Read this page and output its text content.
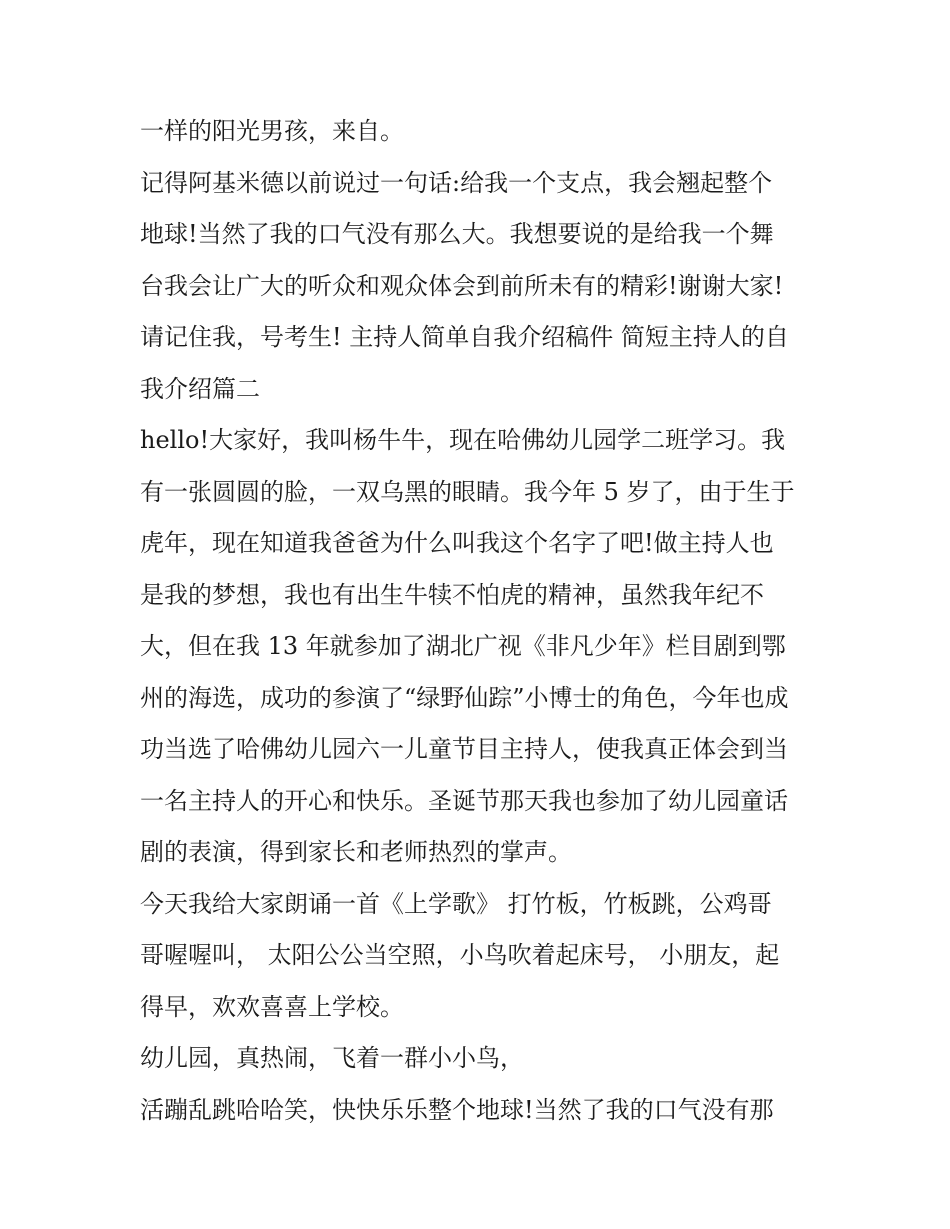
一样的阳光男孩，来自。
记得阿基米德以前说过一句话:给我一个支点，我会翘起整个
地球!当然了我的口气没有那么大。我想要说的是给我一个舞
台我会让广大的听众和观众体会到前所未有的精彩!谢谢大家!
请记住我，号考生! 主持人简单自我介绍稿件 简短主持人的自
我介绍篇二
hello!大家好，我叫杨牛牛，现在哈佛幼儿园学二班学习。我
有一张圆圆的脸，一双乌黑的眼睛。我今年 5 岁了，由于生于
虎年，现在知道我爸爸为什么叫我这个名字了吧!做主持人也
是我的梦想，我也有出生牛犊不怕虎的精神，虽然我年纪不
大，但在我 13 年就参加了湖北广视《非凡少年》栏目剧到鄂
州的海选，成功的参演了“绿野仙踪”小博士的角色，今年也成
功当选了哈佛幼儿园六一儿童节目主持人，使我真正体会到当
一名主持人的开心和快乐。圣诞节那天我也参加了幼儿园童话
剧的表演，得到家长和老师热烈的掌声。
今天我给大家朗诵一首《上学歌》 打竹板，竹板跳，公鸡哥
哥喔喔叫， 太阳公公当空照，小鸟吹着起床号， 小朋友，起
得早，欢欢喜喜上学校。
幼儿园，真热闹，飞着一群小小鸟，
活蹦乱跳哈哈笑，快快乐乐整个地球!当然了我的口气没有那
